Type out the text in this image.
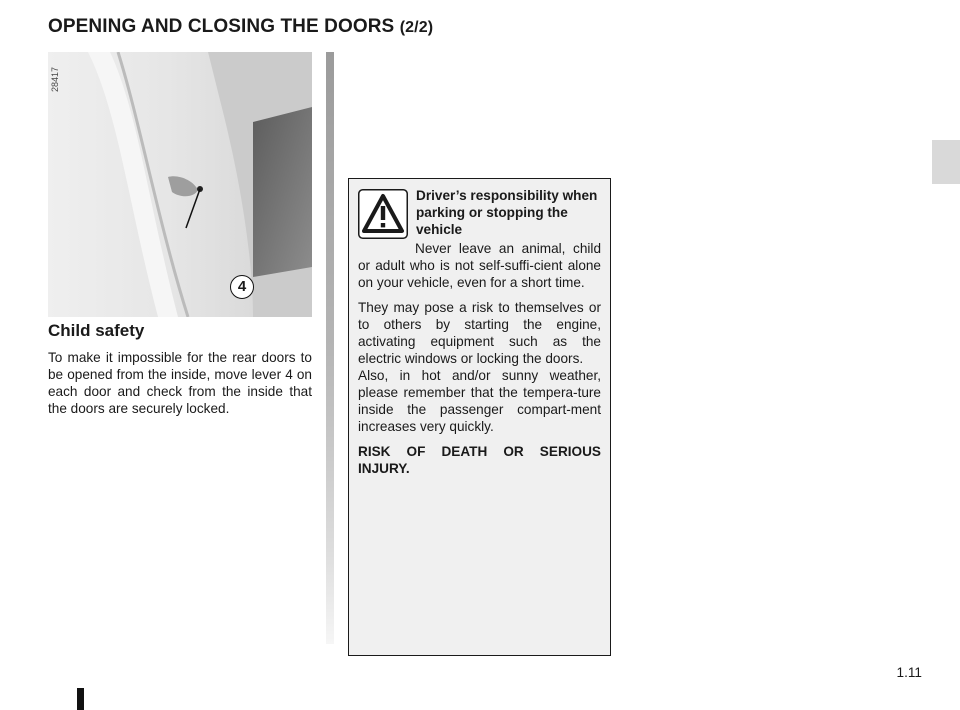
OPENING AND CLOSING THE DOORS (2/2)
28417
4
Child safety

To make it impossible for the rear doors to be opened from the inside, move lever 4 on each door and check from the inside that the doors are securely locked.

Driver’s responsibility when parking or stopping the vehicle

Never leave an animal, child or adult who is not self-suffi-cient alone on your vehicle, even for a short time.

They may pose a risk to themselves or to others by starting the engine, activating equipment such as the electric windows or locking the doors.

Also, in hot and/or sunny weather, please remember that the tempera-ture inside the passenger compart-ment increases very quickly.

RISK OF DEATH OR SERIOUS INJURY.

1.11
